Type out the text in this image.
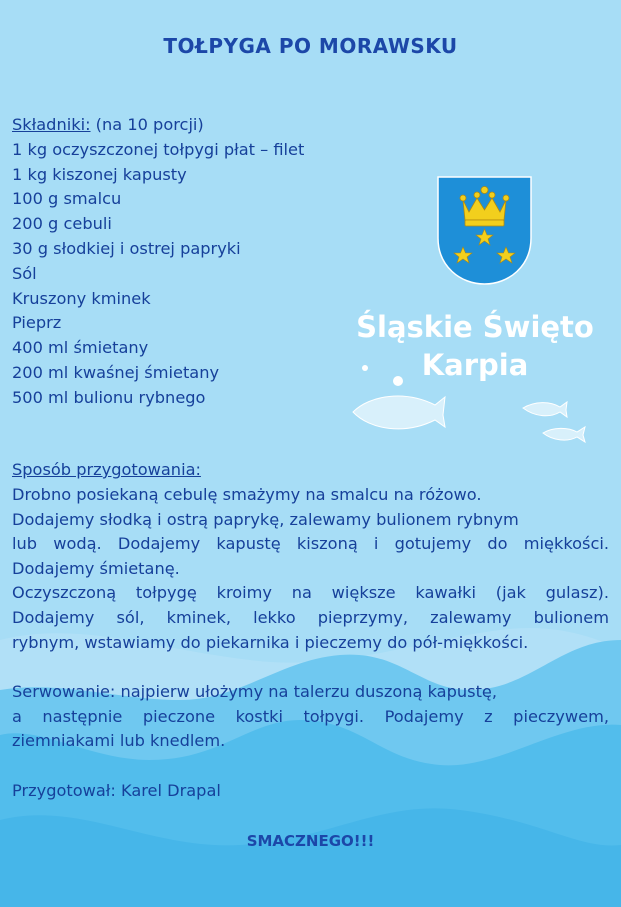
TOŁPYGA PO MORAWSKU
Składniki: (na 10 porcji)
1 kg oczyszczonej tołpygi płat – filet
1 kg kiszonej kapusty
100 g smalcu
200 g cebuli
30 g słodkiej i ostrej papryki
Sól
Kruszony kminek
Pieprz
400 ml śmietany
200 ml kwaśnej śmietany
500 ml bulionu rybnego
Śląskie Święto
Karpia
Sposób przygotowania:
Drobno posiekaną cebulę smażymy na smalcu na różowo.
Dodajemy słodką i ostrą paprykę, zalewamy bulionem rybnym
lub wodą. Dodajemy kapustę kiszoną i gotujemy do miękkości.
Dodajemy śmietanę.
Oczyszczoną tołpygę kroimy na większe kawałki (jak gulasz).
Dodajemy sól, kminek, lekko pieprzymy, zalewamy bulionem
rybnym, wstawiamy do piekarnika i pieczemy do pół-miękkości.
Serwowanie: najpierw ułożymy na talerzu duszoną kapustę,
a następnie pieczone kostki tołpygi. Podajemy z pieczywem,
ziemniakami lub knedlem.
Przygotował: Karel Drapal
SMACZNEGO!!!
